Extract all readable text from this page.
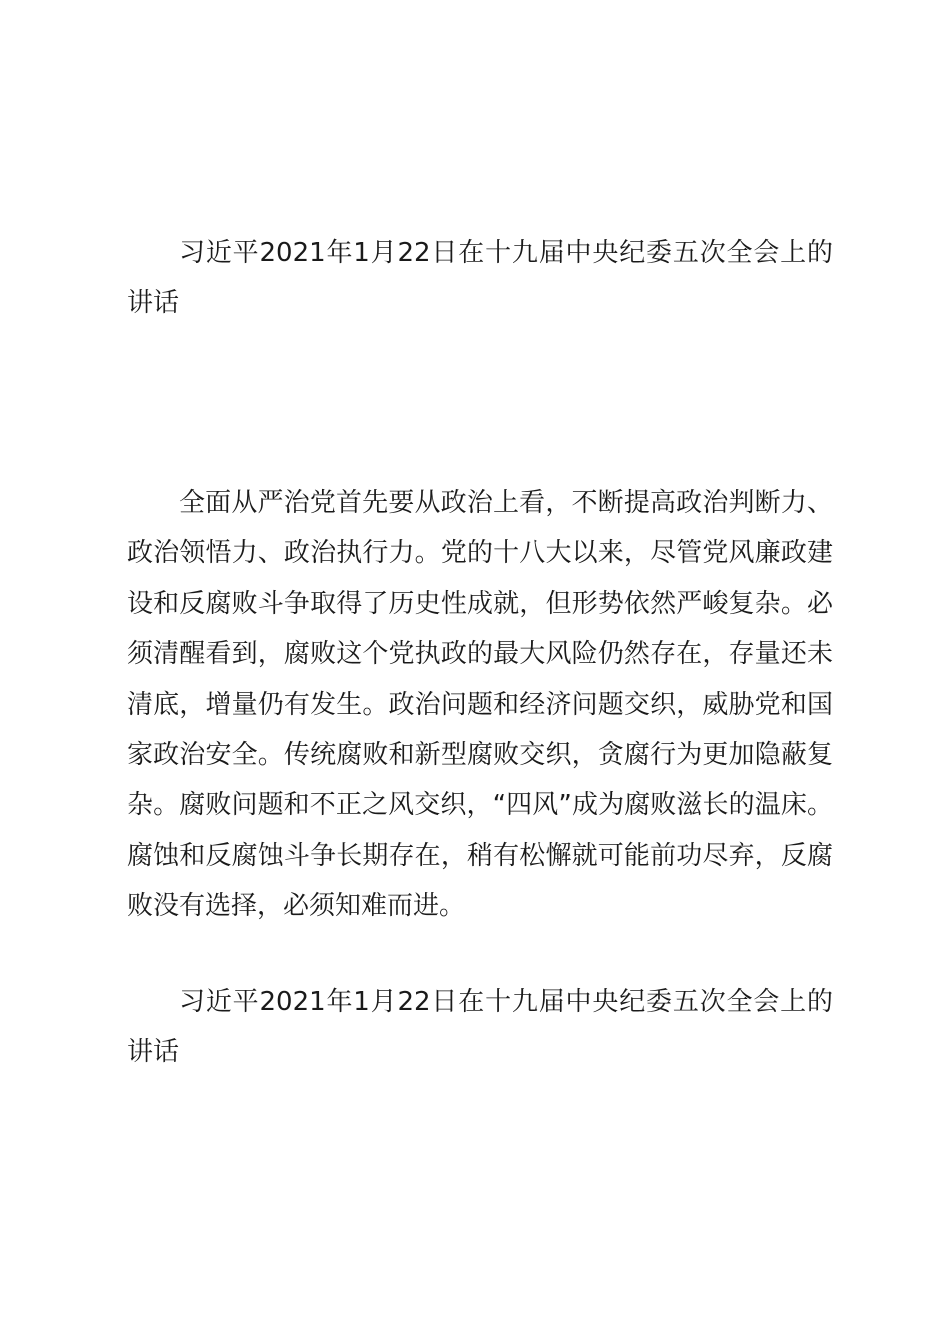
习近平2021年1月22日在十九届中央纪委五次全会上的讲话

全面从严治党首先要从政治上看，不断提高政治判断力、政治领悟力、政治执行力。党的十八大以来，尽管党风廉政建设和反腐败斗争取得了历史性成就，但形势依然严峻复杂。必须清醒看到，腐败这个党执政的最大风险仍然存在，存量还未清底，增量仍有发生。政治问题和经济问题交织，威胁党和国家政治安全。传统腐败和新型腐败交织，贪腐行为更加隐蔽复杂。腐败问题和不正之风交织，“四风”成为腐败滋长的温床。腐蚀和反腐蚀斗争长期存在，稍有松懈就可能前功尽弃，反腐败没有选择，必须知难而进。

习近平2021年1月22日在十九届中央纪委五次全会上的讲话
